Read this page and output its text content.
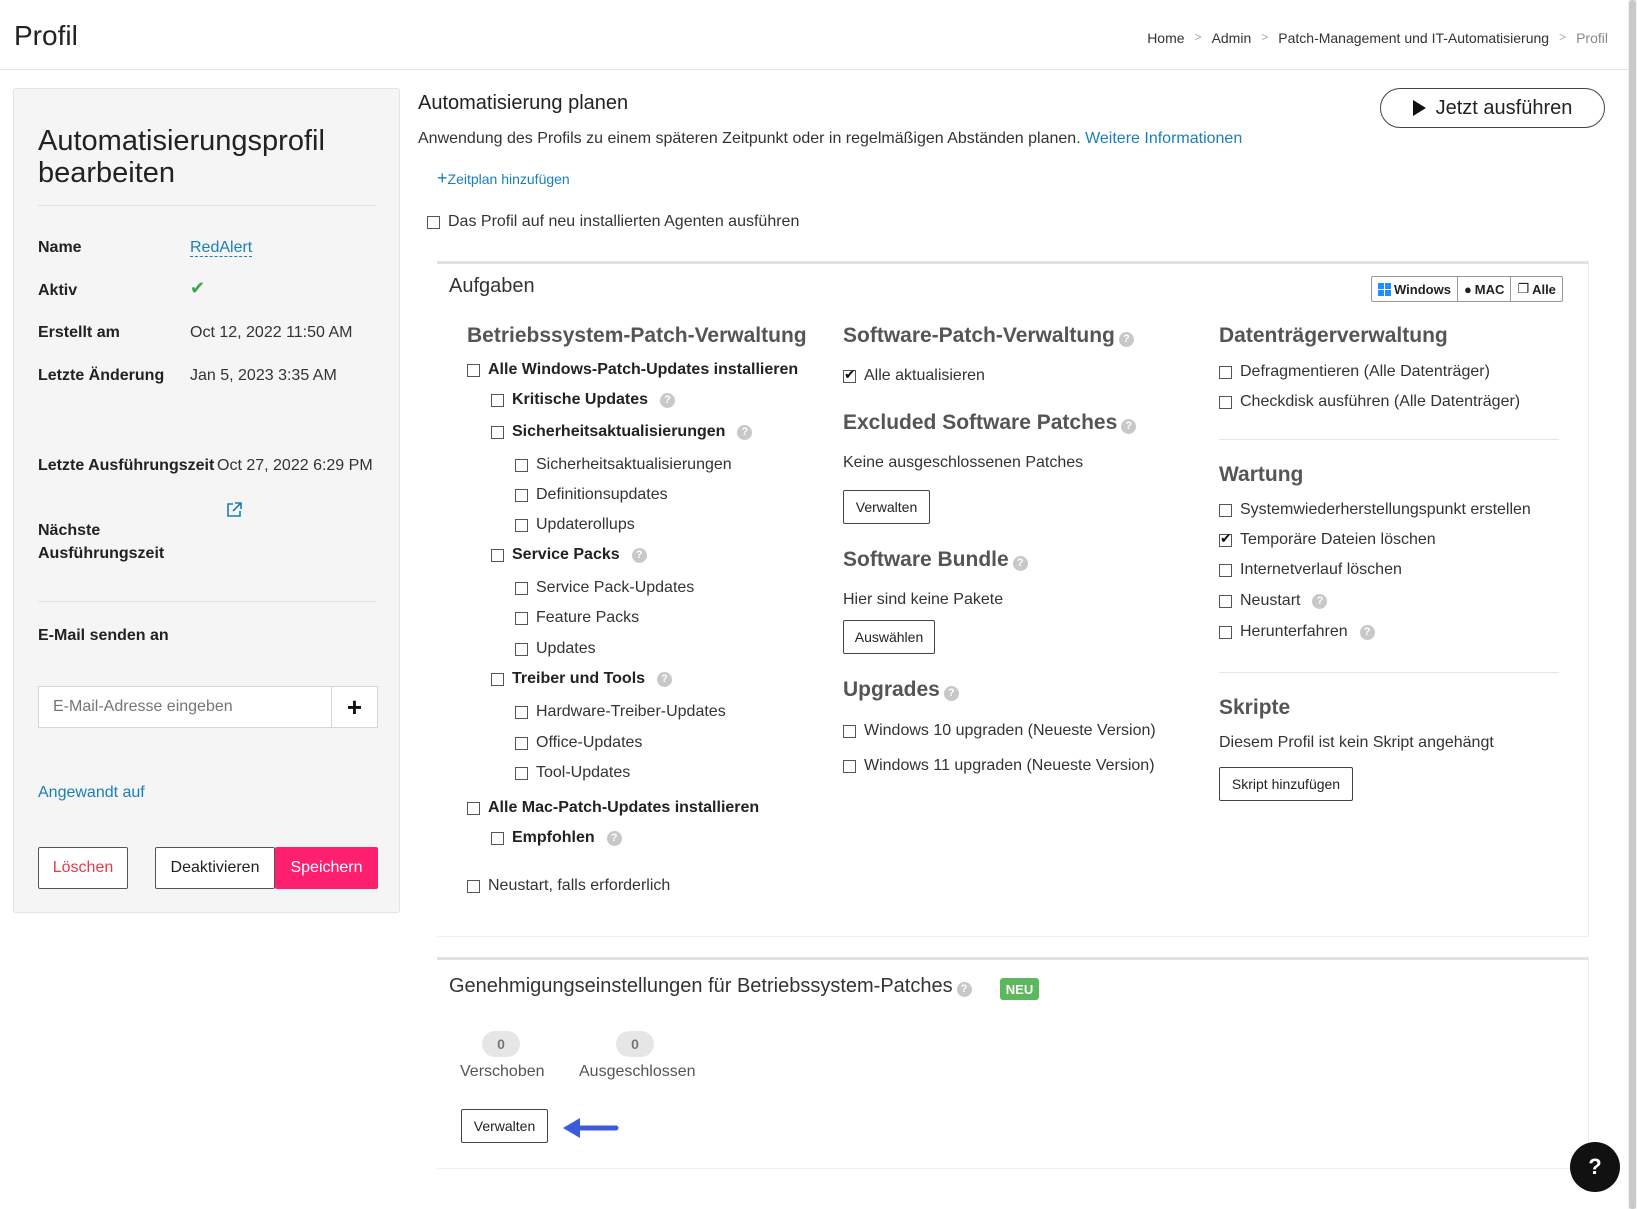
Profil	Home > Admin > Patch-Management und IT-Automatisierung > Profil
Automatisierungsprofil bearbeiten
Name	RedAlert
Aktiv	✔
Erstellt am	Oct 12, 2022 11:50 AM
Letzte Änderung Jan 5, 2023 3:35 AM
Letzte Ausführungszeit Oct 27, 2022 6:29 PM
Nächste Ausführungszeit
E-Mail senden an
E-Mail-Adresse eingeben
+
Angewandt auf
Löschen	Deaktivieren	Speichern
Automatisierung planen
Anwendung des Profils zu einem späteren Zeitpunkt oder in regelmäßigen Abständen planen. Weitere Informationen
Jetzt ausführen
+Zeitplan hinzufügen
Das Profil auf neu installierten Agenten ausführen
Aufgaben	Windows ● MAC ❐ Alle
Betriebssystem-Patch-Verwaltung
Alle Windows-Patch-Updates installieren
Kritische Updates	?
Sicherheitsaktualisierungen	?
Sicherheitsaktualisierungen
Definitionsupdates
Updaterollups
Service Packs	?
Service Pack-Updates
Feature Packs
Updates
Treiber und Tools	?
Hardware-Treiber-Updates
Office-Updates
Tool-Updates
Alle Mac-Patch-Updates installieren
Empfohlen	?
Neustart, falls erforderlich
Software-Patch-Verwaltung ?
✔
Alle aktualisieren
Excluded Software Patches ?
Keine ausgeschlossenen Patches
Verwalten
Software Bundle ?
Hier sind keine Pakete
Auswählen
Upgrades ?
Windows 10 upgraden (Neueste Version)
Windows 11 upgraden (Neueste Version)
Datenträgerverwaltung
Defragmentieren (Alle Datenträger)
Checkdisk ausführen (Alle Datenträger)
Wartung
Systemwiederherstellungspunkt erstellen
✔
Temporäre Dateien löschen
Internetverlauf löschen
Neustart	?
Herunterfahren	?
Skripte
Diesem Profil ist kein Skript angehängt
Skript hinzufügen
Genehmigungseinstellungen für Betriebssystem-Patches ?	NEU
0
Verschoben
0
Ausgeschlossen
Verwalten
?
